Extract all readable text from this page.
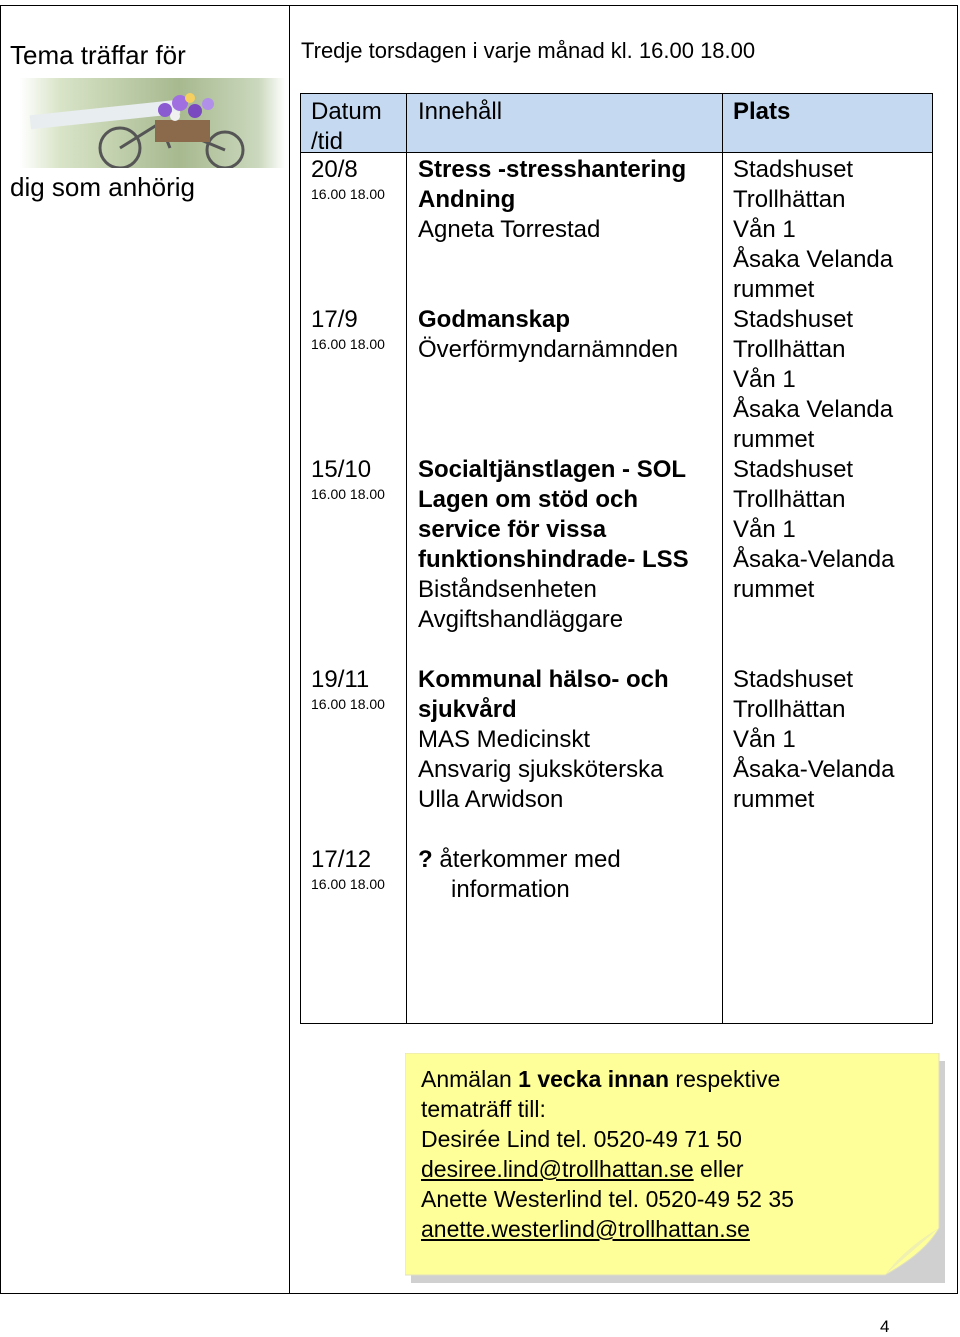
Tema träffar för
dig som anhörig
Tredje torsdagen i varje månad kl. 16.00 18.00
Datum /tid
Innehåll	Plats
20/8
16.00 18.00
Stress -stresshantering
Andning
Agneta Torrestad
Stadshuset
Trollhättan
Vån 1
Åsaka Velanda
rummet
17/9
16.00 18.00
Godmanskap
Överförmyndarnämnden
Stadshuset
Trollhättan
Vån 1
Åsaka Velanda
rummet
15/10
16.00 18.00
Socialtjänstlagen - SOL
Lagen om stöd och
service för vissa
funktionshindrade- LSS
Biståndsenheten
Avgiftshandläggare
Stadshuset
Trollhättan
Vån 1
Åsaka-Velanda
rummet
19/11
16.00 18.00
Kommunal hälso- och
sjukvård
MAS Medicinskt
Ansvarig sjuksköterska
Ulla Arwidson
Stadshuset
Trollhättan
Vån 1
Åsaka-Velanda
rummet
17/12
16.00 18.00
? återkommer med
information
Anmälan 1 vecka innan respektive
tematräff till:
Desirée Lind tel. 0520-49 71 50
desiree.lind@trollhattan.se eller
Anette Westerlind tel. 0520-49 52 35
anette.westerlind@trollhattan.se
4
